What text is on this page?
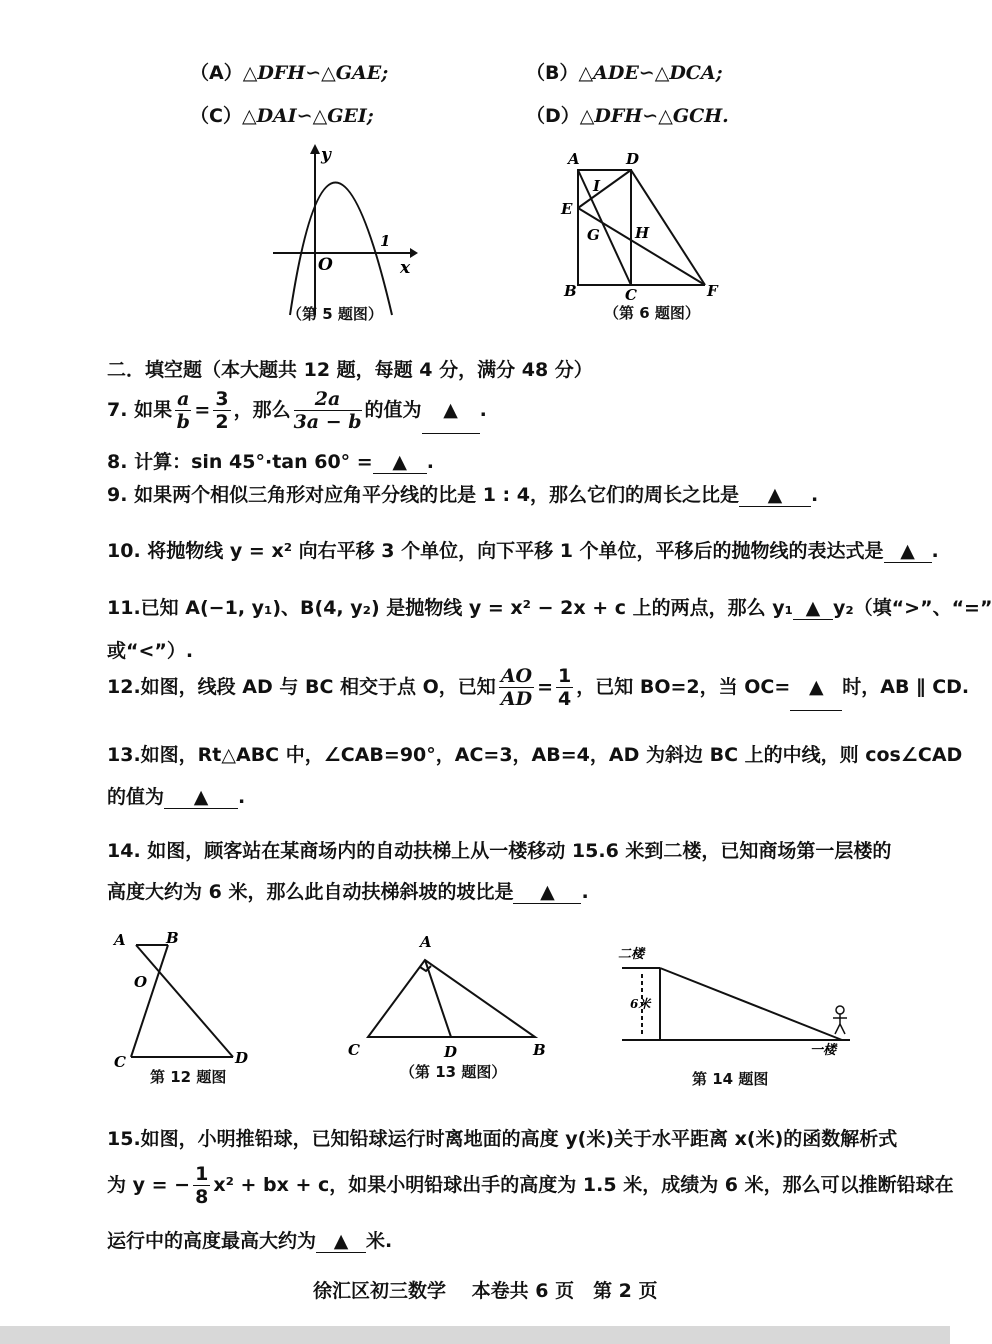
（A）△DFH∽△GAE;	（B）△ADE∽△DCA;
（C）△DAI∽△GEI;	（D）△DFH∽△GCH.
y
x
O
1
（第 5 题图）
A	D
I
E
G H
B	C	F
（第 6 题图）
二．填空题（本大题共 12 题，每题 4 分，满分 48 分）
7. 如果 $\frac{a}{b} = \frac{3}{2}$ ，那么 $\frac{2a}{3a - b}$ 的值为 ▲ .
8. 计算：sin 45°·tan 60° = ▲ .
9. 如果两个相似三角形对应角平分线的比是 1 : 4，那么它们的周长之比是 ▲ .
10. 将抛物线 y = x² 向右平移 3 个单位，向下平移 1 个单位，平移后的抛物线的表达式是 ▲ .
11.已知 A(−1, y₁)、B(4, y₂) 是抛物线 y = x² − 2x + c 上的两点，那么 y₁ ▲ y₂（填“>”、“=”
或“<”）.
12.如图，线段 AD 与 BC 相交于点 O，已知 $\frac{AO}{AD} = \frac{1}{4}$ ，已知 BO=2，当 OC= ▲ 时，AB ∥ CD.
13.如图，Rt△ABC 中，∠CAB=90°，AC=3，AB=4，AD 为斜边 BC 上的中线，则 cos∠CAD
的值为 ▲ .
14. 如图，顾客站在某商场内的自动扶梯上从一楼移动 15.6 米到二楼，已知商场第一层楼的
高度大约为 6 米，那么此自动扶梯斜坡的坡比是 ▲ .
A	B
O
C	D
第 12 题图
A
C	D	B
（第 13 题图）
二楼
6米
一楼
第 14 题图
15.如图，小明推铅球，已知铅球运行时离地面的高度 y(米)关于水平距离 x(米)的函数解析式
为 y = − $\frac{1}{8} x^2$ + bx + c，如果小明铅球出手的高度为 1.5 米，成绩为 6 米，那么可以推断铅球在
运行中的高度最高大约为 ▲ 米.
徐汇区初三数学　 本卷共 6 页　第 2 页
